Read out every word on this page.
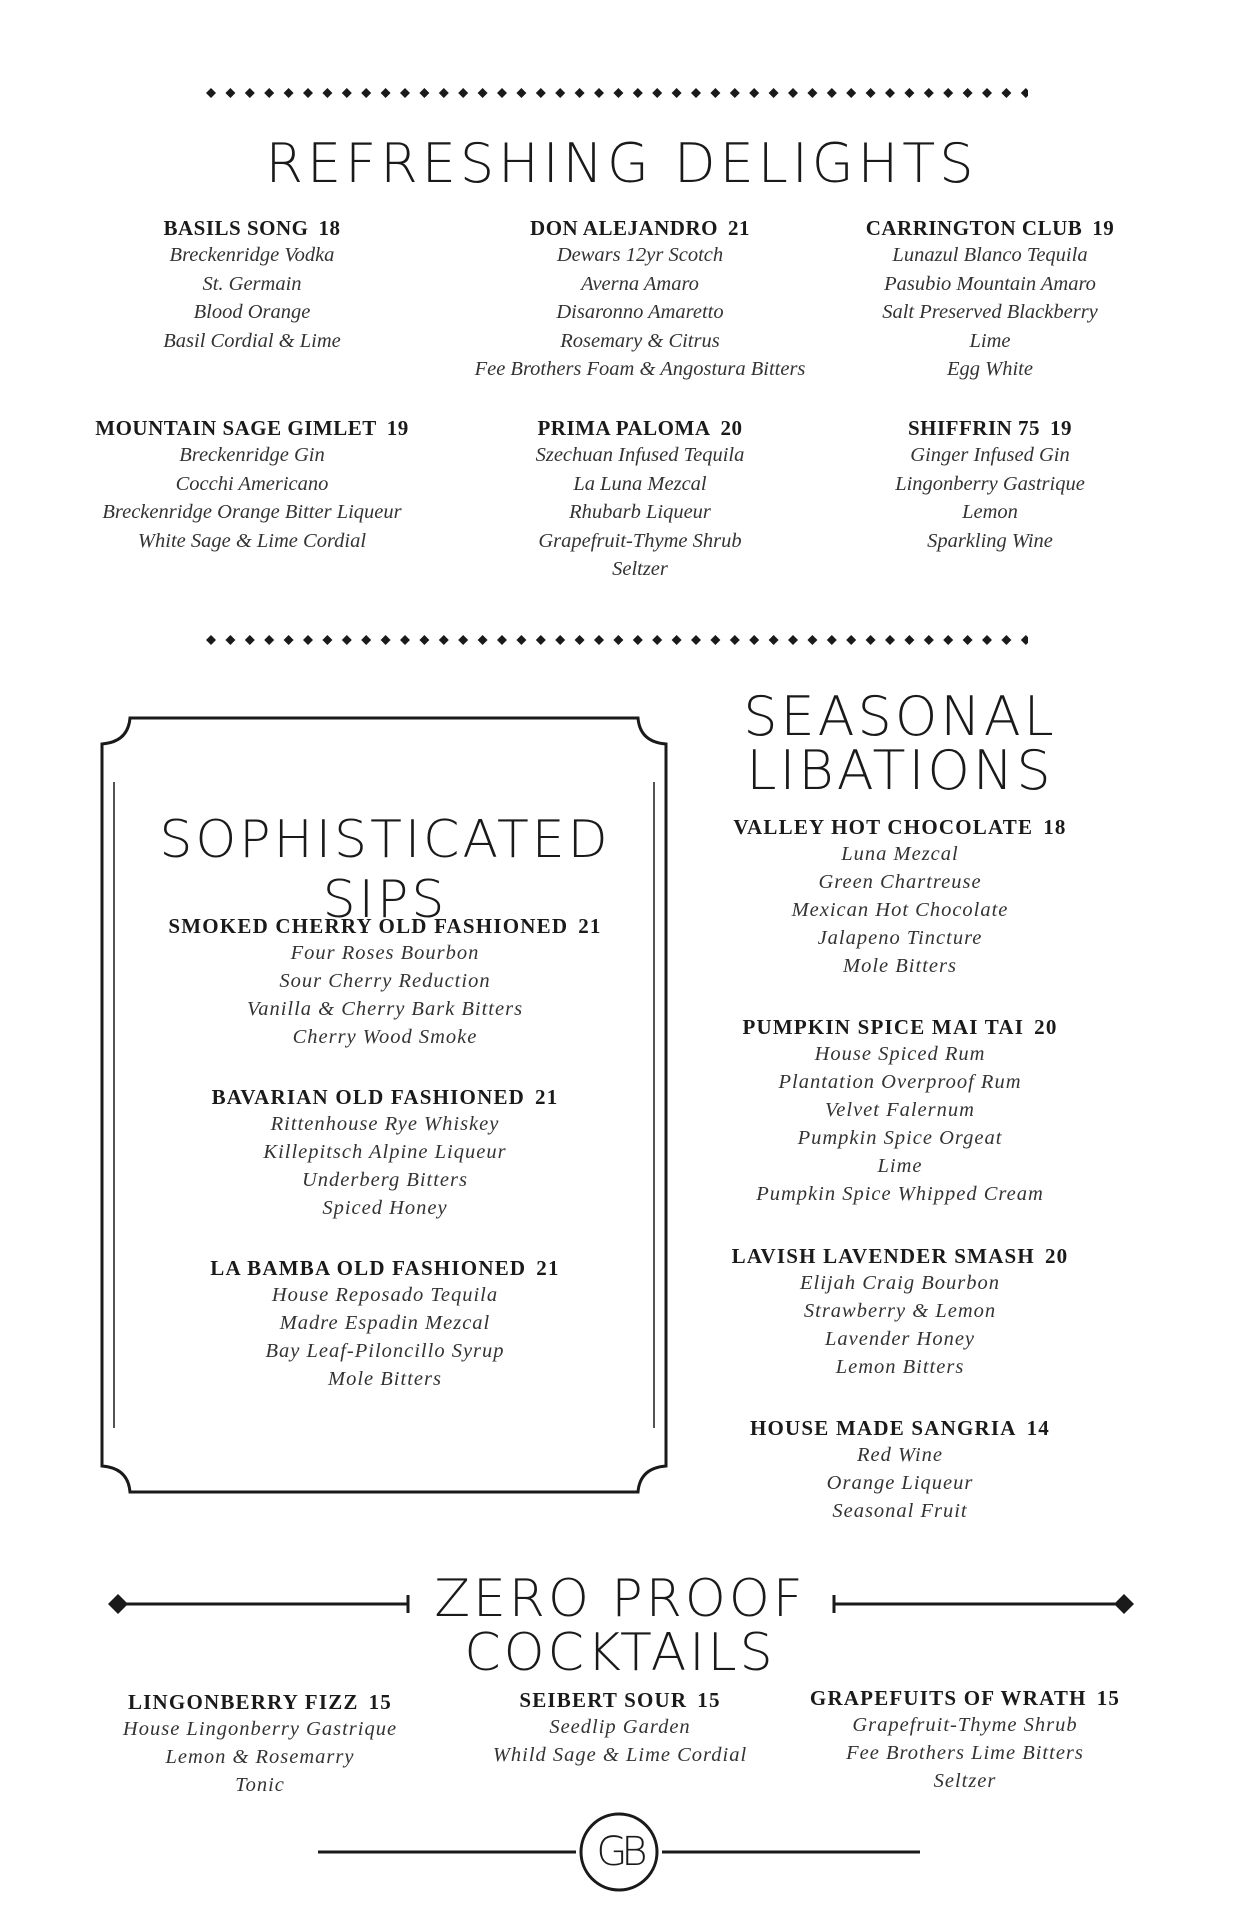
REFRESHING DELIGHTS
BASILS SONG 18
Breckenridge Vodka
St. Germain
Blood Orange
Basil Cordial & Lime
DON ALEJANDRO 21
Dewars 12yr Scotch
Averna Amaro
Disaronno Amaretto
Rosemary & Citrus
Fee Brothers Foam & Angostura Bitters
CARRINGTON CLUB 19
Lunazul Blanco Tequila
Pasubio Mountain Amaro
Salt Preserved Blackberry
Lime
Egg White
MOUNTAIN SAGE GIMLET 19
Breckenridge Gin
Cocchi Americano
Breckenridge Orange Bitter Liqueur
White Sage & Lime Cordial
PRIMA PALOMA 20
Szechuan Infused Tequila
La Luna Mezcal
Rhubarb Liqueur
Grapefruit-Thyme Shrub
Seltzer
SHIFFRIN 75 19
Ginger Infused Gin
Lingonberry Gastrique
Lemon
Sparkling Wine
SOPHISTICATED SIPS
SMOKED CHERRY OLD FASHIONED 21
Four Roses Bourbon
Sour Cherry Reduction
Vanilla & Cherry Bark Bitters
Cherry Wood Smoke
BAVARIAN OLD FASHIONED 21
Rittenhouse Rye Whiskey
Killepitsch Alpine Liqueur
Underberg Bitters
Spiced Honey
LA BAMBA OLD FASHIONED 21
House Reposado Tequila
Madre Espadin Mezcal
Bay Leaf-Piloncillo Syrup
Mole Bitters
SEASONAL
LIBATIONS
VALLEY HOT CHOCOLATE 18
Luna Mezcal
Green Chartreuse
Mexican Hot Chocolate
Jalapeno Tincture
Mole Bitters
PUMPKIN SPICE MAI TAI 20
House Spiced Rum
Plantation Overproof Rum
Velvet Falernum
Pumpkin Spice Orgeat
Lime
Pumpkin Spice Whipped Cream
LAVISH LAVENDER SMASH 20
Elijah Craig Bourbon
Strawberry & Lemon
Lavender Honey
Lemon Bitters
HOUSE MADE SANGRIA 14
Red Wine
Orange Liqueur
Seasonal Fruit
ZERO PROOF
COCKTAILS
LINGONBERRY FIZZ 15
House Lingonberry Gastrique
Lemon & Rosemarry
Tonic
SEIBERT SOUR 15
Seedlip Garden
Whild Sage & Lime Cordial
GRAPEFUITS OF WRATH 15
Grapefruit-Thyme Shrub
Fee Brothers Lime Bitters
Seltzer
GB
